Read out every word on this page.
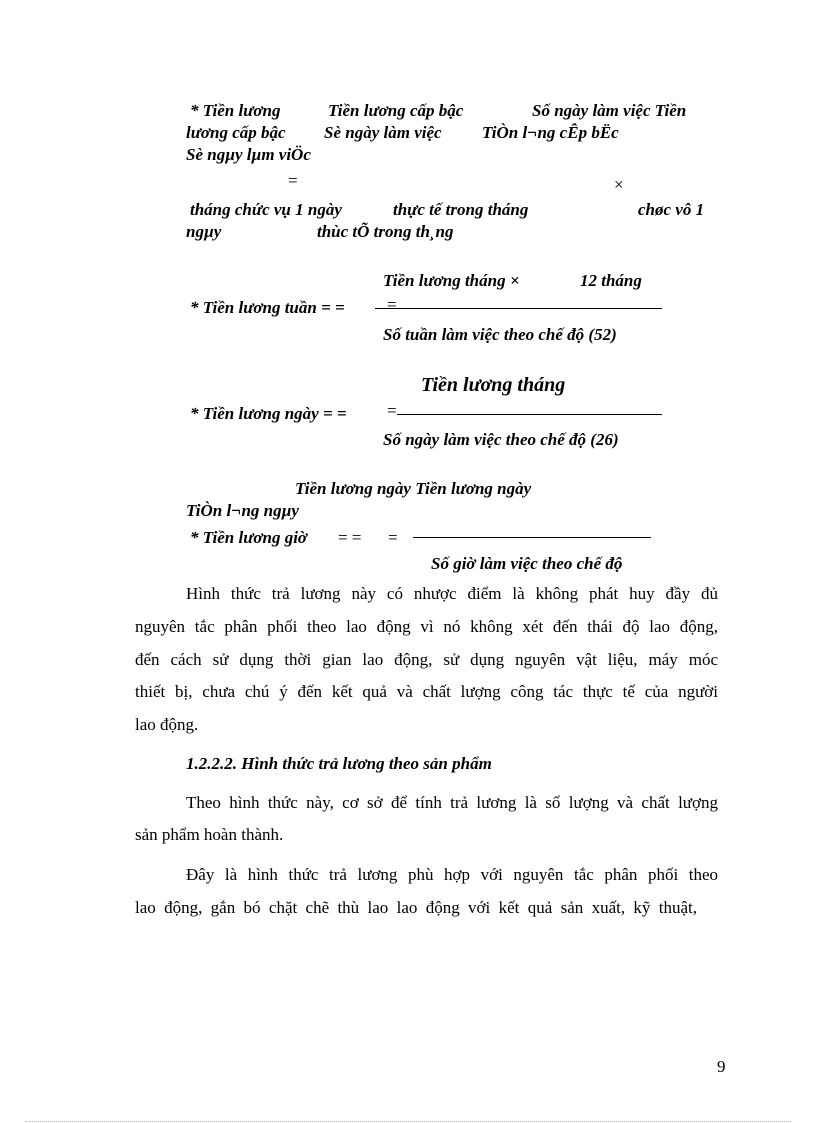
* Tiền lương	Tiền lương cấp bậc	Số ngày làm việc Tiền
lương cấp bậc Sè ngày làm việc TiÒn l¬ng cÊp bËc
Sè ngµy lµm viÖc
=	×
tháng chức vụ 1 ngày	thực tế trong tháng	chøc vô 1
ngµy	thùc tÕ trong th¸ng
Tiền lương tháng ×	12 tháng
* Tiền lương tuần = = =
Số tuần làm việc theo chế độ (52)
Tiền lương tháng
* Tiền lương ngày = = =
Số ngày làm việc theo chế độ (26)
Tiền lương ngày Tiền lương ngày
TiÒn l¬ng ngµy
* Tiền lương giờ = = =
Số giờ làm việc theo chế độ
Hình thức trả lương này có nhược điểm là không phát huy đầy đủ
nguyên tắc phân phối theo lao động vì nó không xét đến thái độ lao động,
đến cách sử dụng thời gian lao động, sử dụng nguyên vật liệu, máy móc
thiết bị, chưa chú ý đến kết quả và chất lượng công tác thực tế của người
lao động.
1.2.2.2. Hình thức trả lương theo sản phẩm
Theo hình thức này, cơ sở để tính trả lương là số lượng và chất lượng
sản phẩm hoàn thành.
Đây là hình thức trả lương phù hợp với nguyên tắc phân phối theo
lao động, gắn bó chặt chẽ thù lao lao động với kết quả sản xuất, kỹ thuật,
9
